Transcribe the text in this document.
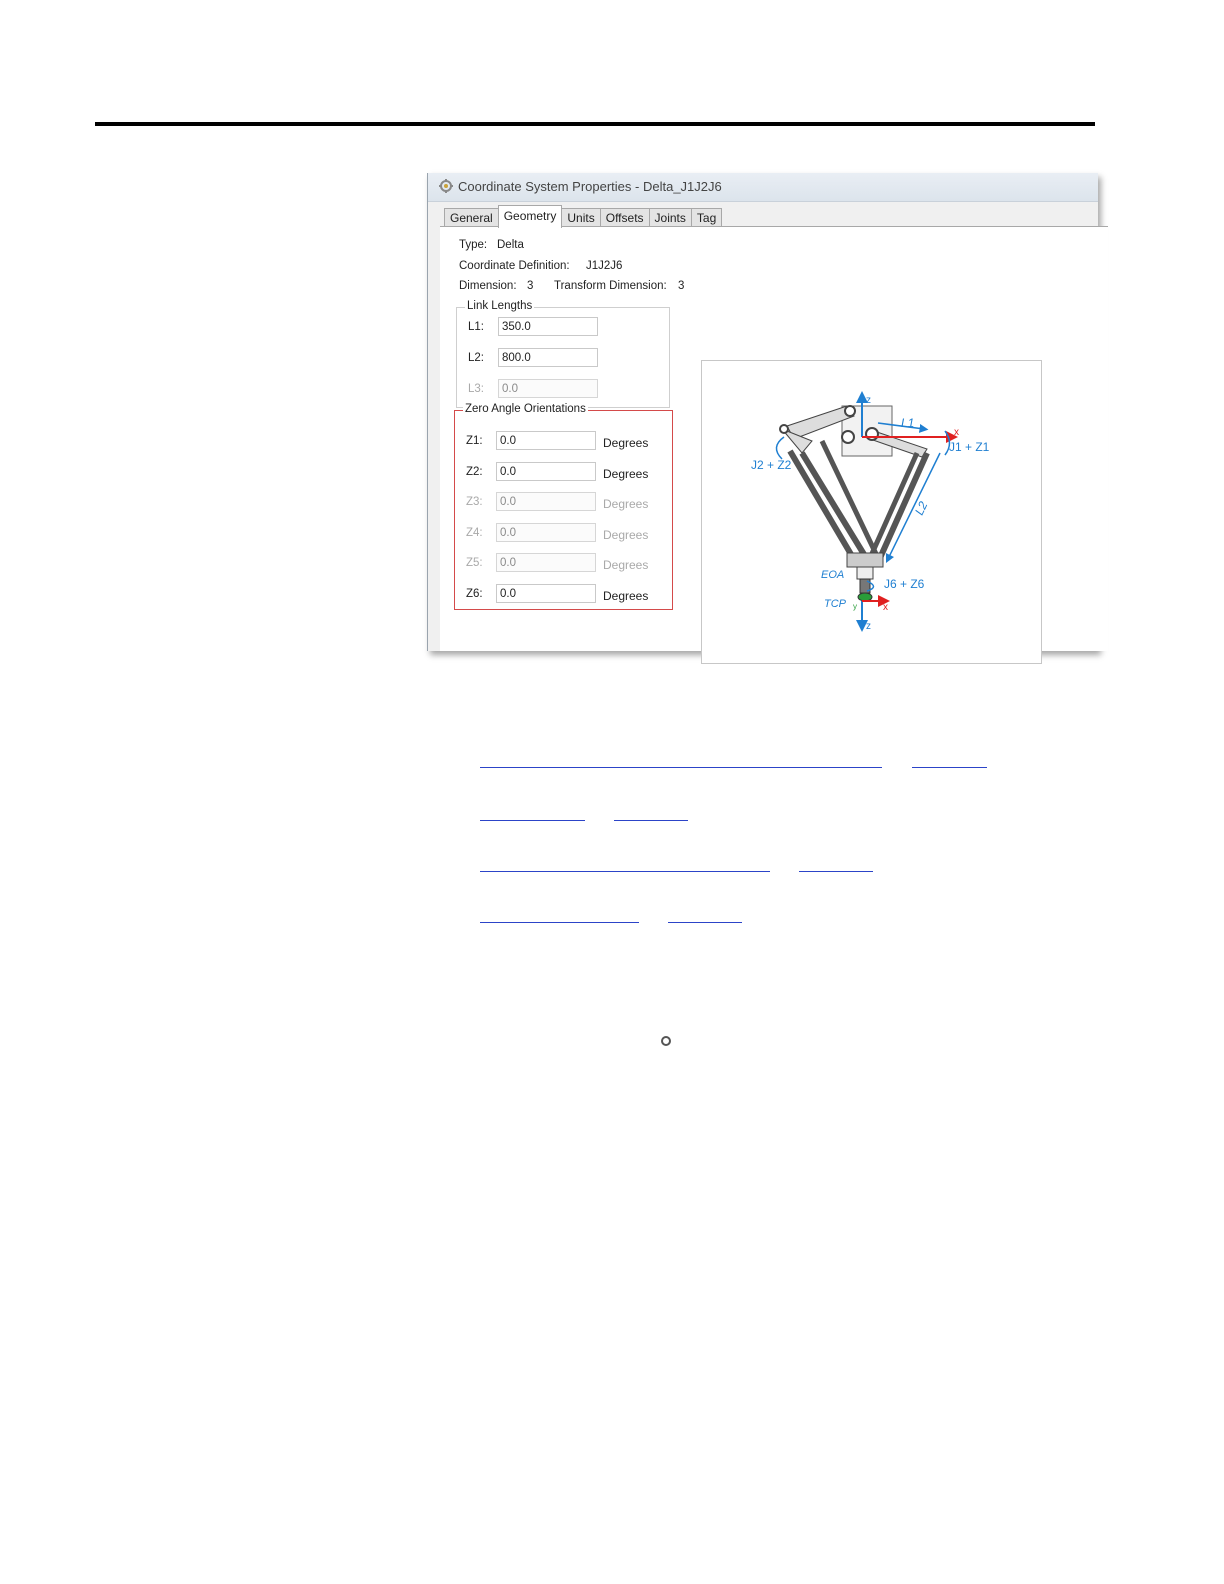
Coordinate System Properties - Delta_J1J2J6
General Geometry Units Offsets Joints Tag
Type: Delta
Coordinate Definition: J1J2J6
Dimension: 3 Transform Dimension: 3
Link Lengths
L1:	350.0
L2:	800.0
L3:	0.0
Zero Angle Orientations
Z1:	0.0	Degrees
Z2:	0.0	Degrees
Z3:	0.0	Degrees
Z4:	0.0	Degrees
Z5:	0.0	Degrees
Z6:	0.0	Degrees
z
x
L1
L2
J1 + Z1
J2 + Z2
EOA
J6 + Z6
TCP	x
z
y
